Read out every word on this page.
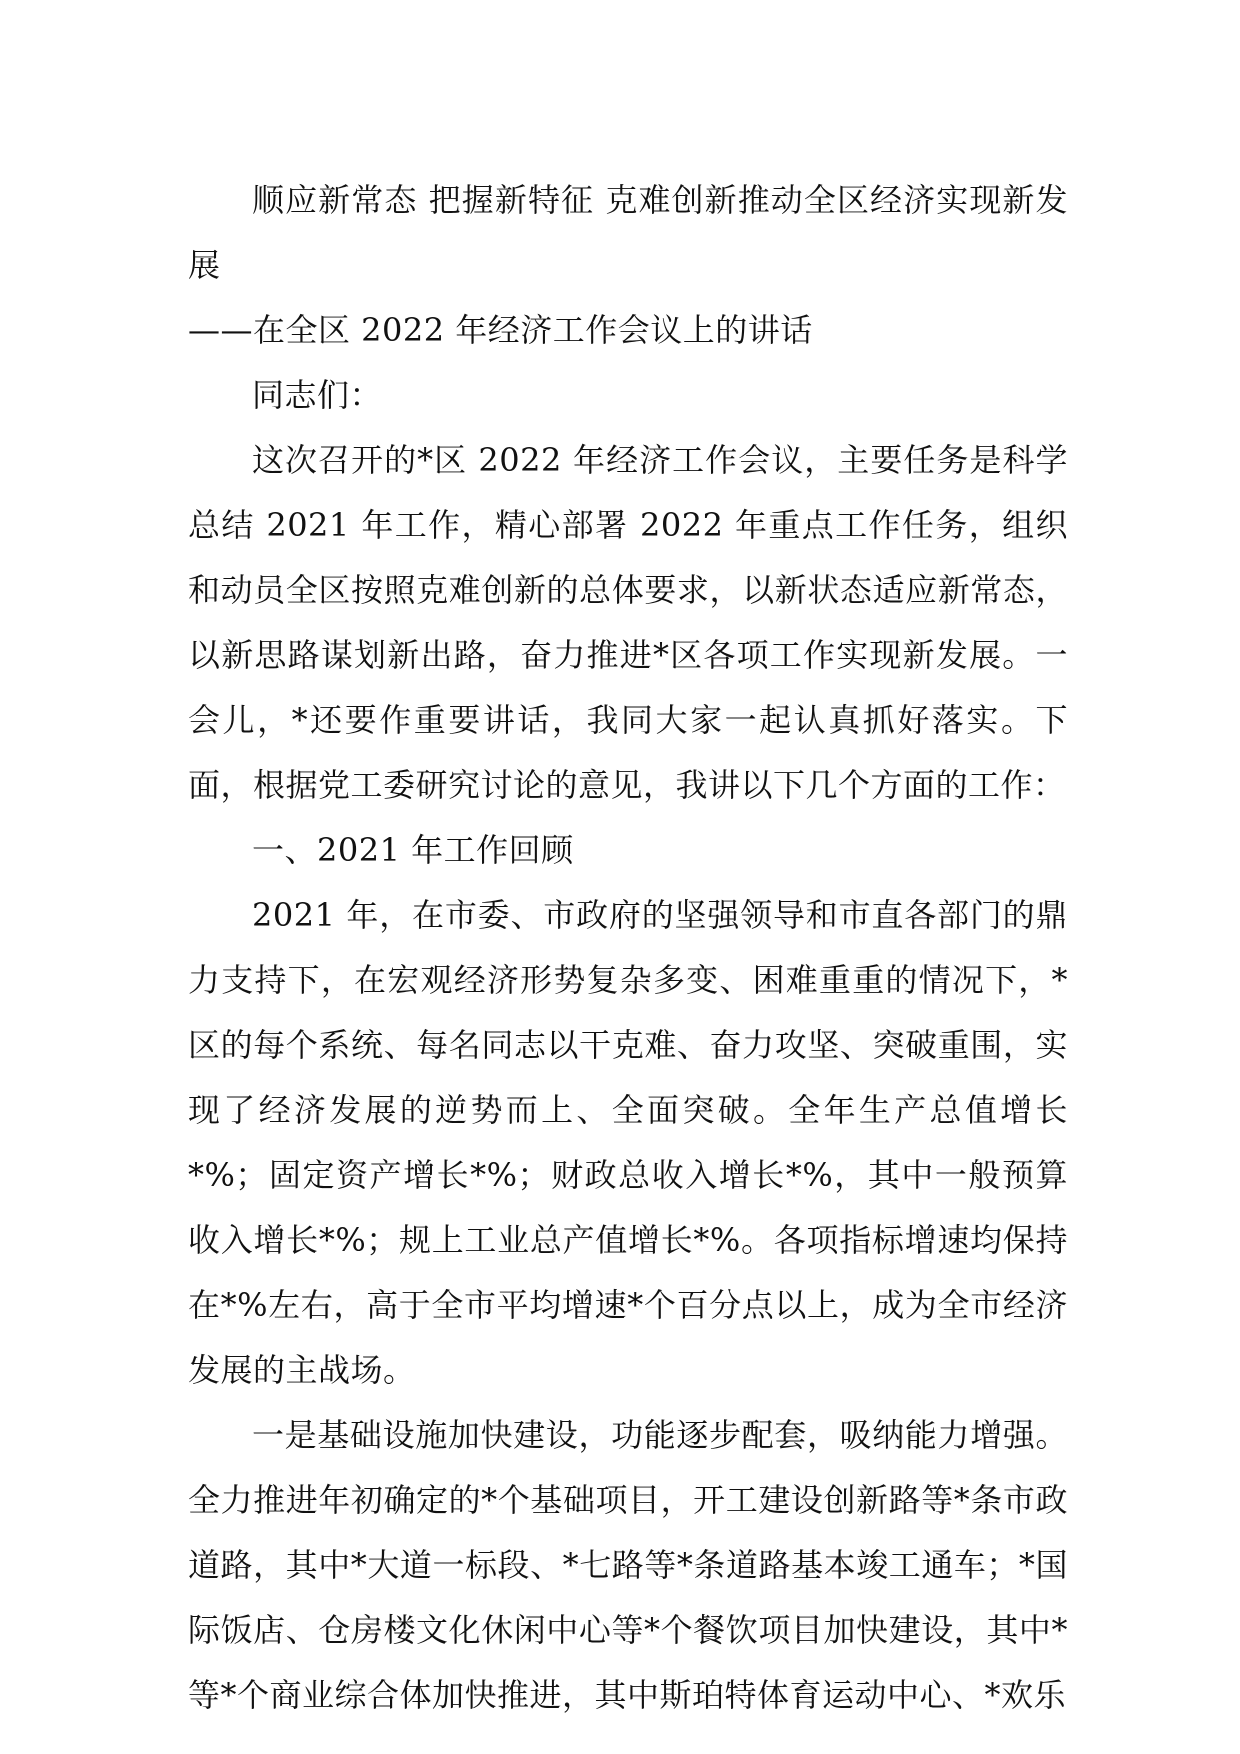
顺应新常态 把握新特征 克难创新推动全区经济实现新发展

——在全区 2022 年经济工作会议上的讲话

同志们：

这次召开的*区 2022 年经济工作会议，主要任务是科学总结 2021 年工作，精心部署 2022 年重点工作任务，组织和动员全区按照克难创新的总体要求，以新状态适应新常态，以新思路谋划新出路，奋力推进*区各项工作实现新发展。一会儿，*还要作重要讲话，我同大家一起认真抓好落实。下面，根据党工委研究讨论的意见，我讲以下几个方面的工作：

一、2021 年工作回顾

2021 年，在市委、市政府的坚强领导和市直各部门的鼎力支持下，在宏观经济形势复杂多变、困难重重的情况下，*区的每个系统、每名同志以干克难、奋力攻坚、突破重围，实现了经济发展的逆势而上、全面突破。全年生产总值增长*%；固定资产增长*%；财政总收入增长*%，其中一般预算收入增长*%；规上工业总产值增长*%。各项指标增速均保持在*%左右，高于全市平均增速*个百分点以上，成为全市经济发展的主战场。

一是基础设施加快建设，功能逐步配套，吸纳能力增强。全力推进年初确定的*个基础项目，开工建设创新路等*条市政道路，其中*大道一标段、*七路等*条道路基本竣工通车；*国际饭店、仓房楼文化休闲中心等*个餐饮项目加快建设，其中*等*个商业综合体加快推进，其中斯珀特体育运动中心、*欢乐
